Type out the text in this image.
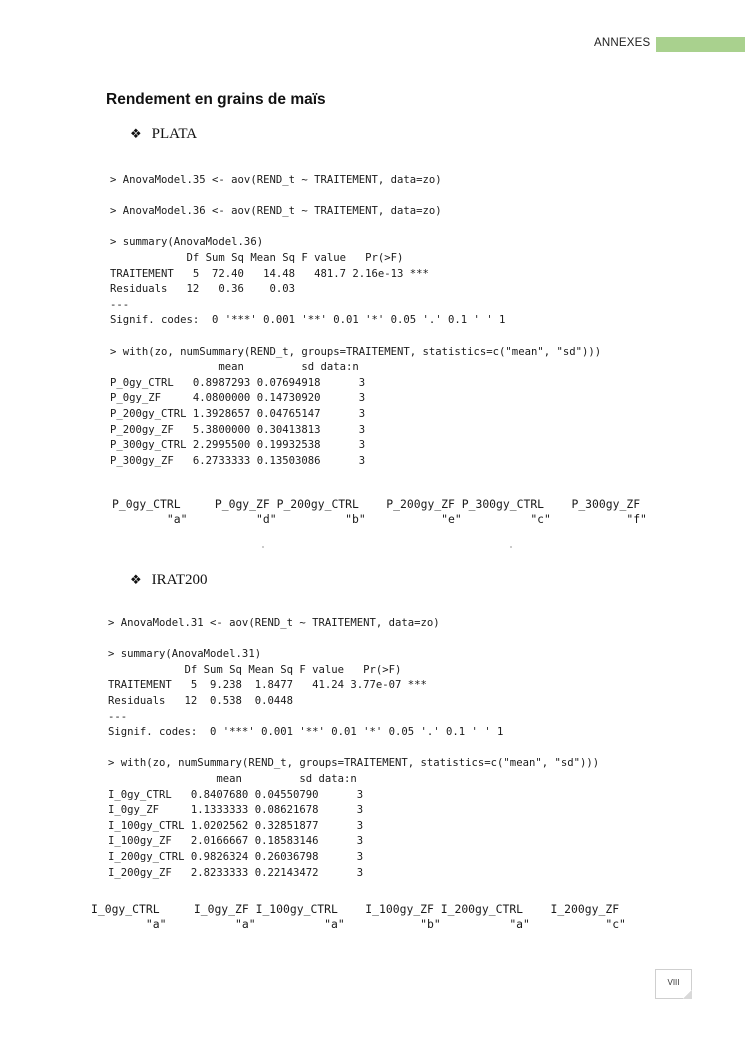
ANNEXES
Rendement en grains de maïs
❖ PLATA
> AnovaModel.35 <- aov(REND_t ~ TRAITEMENT, data=zo)

> AnovaModel.36 <- aov(REND_t ~ TRAITEMENT, data=zo)

> summary(AnovaModel.36)
Df Sum Sq Mean Sq F value   Pr(>F)
TRAITEMENT   5  72.40   14.48   481.7 2.16e-13 ***
Residuals   12   0.36    0.03
---
Signif. codes:  0 '***' 0.001 '**' 0.01 '*' 0.05 '.' 0.1 ' ' 1

> with(zo, numSummary(REND_t, groups=TRAITEMENT, statistics=c("mean", "sd")))
mean         sd data:n
P_0gy_CTRL   0.8987293 0.07694918      3
P_0gy_ZF     4.0800000 0.14730920      3
P_200gy_CTRL 1.3928657 0.04765147      3
P_200gy_ZF   5.3800000 0.30413813      3
P_300gy_CTRL 2.2995500 0.19932538      3
P_300gy_ZF   6.2733333 0.13503086      3
P_0gy_CTRL     P_0gy_ZF P_200gy_CTRL    P_200gy_ZF P_300gy_CTRL    P_300gy_ZF
"a"          "d"          "b"           "e"          "c"           "f"
❖ IRAT200
> AnovaModel.31 <- aov(REND_t ~ TRAITEMENT, data=zo)

> summary(AnovaModel.31)
Df Sum Sq Mean Sq F value   Pr(>F)
TRAITEMENT   5  9.238  1.8477   41.24 3.77e-07 ***
Residuals   12  0.538  0.0448
---
Signif. codes:  0 '***' 0.001 '**' 0.01 '*' 0.05 '.' 0.1 ' ' 1

> with(zo, numSummary(REND_t, groups=TRAITEMENT, statistics=c("mean", "sd")))
mean         sd data:n
I_0gy_CTRL   0.8407680 0.04550790      3
I_0gy_ZF     1.1333333 0.08621678      3
I_100gy_CTRL 1.0202562 0.32851877      3
I_100gy_ZF   2.0166667 0.18583146      3
I_200gy_CTRL 0.9826324 0.26036798      3
I_200gy_ZF   2.8233333 0.22143472      3
I_0gy_CTRL     I_0gy_ZF I_100gy_CTRL    I_100gy_ZF I_200gy_CTRL    I_200gy_ZF
"a"          "a"          "a"           "b"          "a"           "c"
VIII
